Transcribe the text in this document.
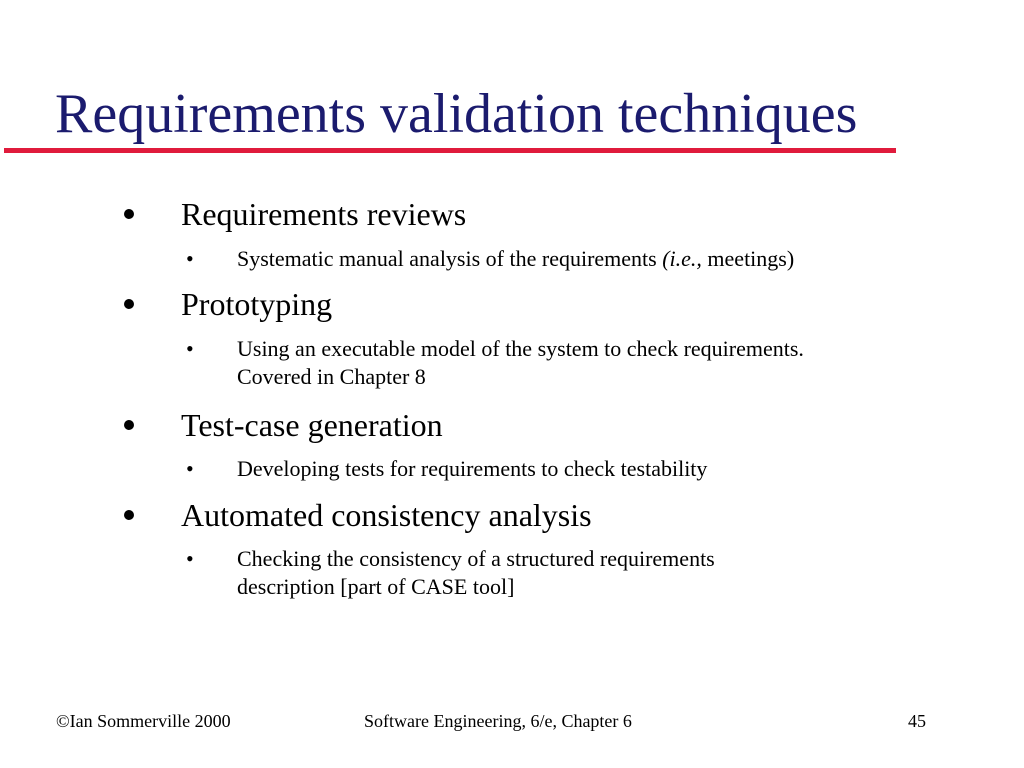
Requirements validation techniques
Requirements reviews
• Systematic manual analysis of the requirements (i.e., meetings)
Prototyping
• Using an executable model of the system to check requirements.
Covered in Chapter 8
Test-case generation
• Developing tests for requirements to check testability
Automated consistency analysis
• Checking the consistency of a structured requirements
description [part of CASE tool]
©Ian Sommerville 2000	Software Engineering, 6/e, Chapter 6	45
